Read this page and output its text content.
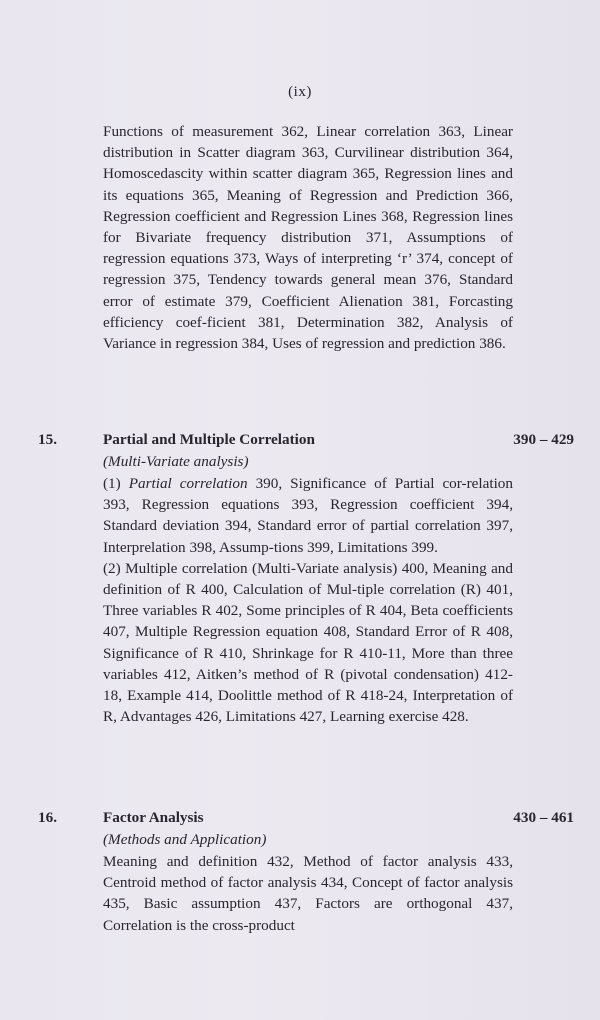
(ix)

Functions of measurement 362, Linear correlation 363, Linear distribution in Scatter diagram 363, Curvilinear distribution 364, Homoscedascity within scatter diagram 365, Regression lines and its equations 365, Meaning of Regression and Prediction 366, Regression coefficient and Regression Lines 368, Regression lines for Bivariate frequency distribution 371, Assumptions of regression equations 373, Ways of interpreting ‘r’ 374, concept of regression 375, Tendency towards general mean 376, Standard error of estimate 379, Coefficient Alienation 381, Forcasting efficiency coef-ficient 381, Determination 382, Analysis of Variance in regression 384, Uses of regression and prediction 386.

15.	Partial and Multiple Correlation	390 – 429
(Multi-Variate analysis)

(1) Partial correlation 390, Significance of Partial cor-relation 393, Regression equations 393, Regression coefficient 394, Standard deviation 394, Standard error of partial correlation 397, Interprelation 398, Assump-tions 399, Limitations 399.

(2) Multiple correlation (Multi-Variate analysis) 400, Meaning and definition of R 400, Calculation of Mul-tiple correlation (R) 401, Three variables R 402, Some principles of R 404, Beta coefficients 407, Multiple Regression equation 408, Standard Error of R 408, Significance of R 410, Shrinkage for R 410-11, More than three variables 412, Aitken’s method of R (pivotal condensation) 412- 18, Example 414, Doolittle method of R 418-24, Interpretation of R, Advantages 426, Limitations 427, Learning exercise 428.

16.	Factor Analysis	430 – 461
(Methods and Application)

Meaning and definition 432, Method of factor analysis 433, Centroid method of factor analysis 434, Concept of factor analysis 435, Basic assumption 437, Factors are orthogonal 437, Correlation is the cross-product
